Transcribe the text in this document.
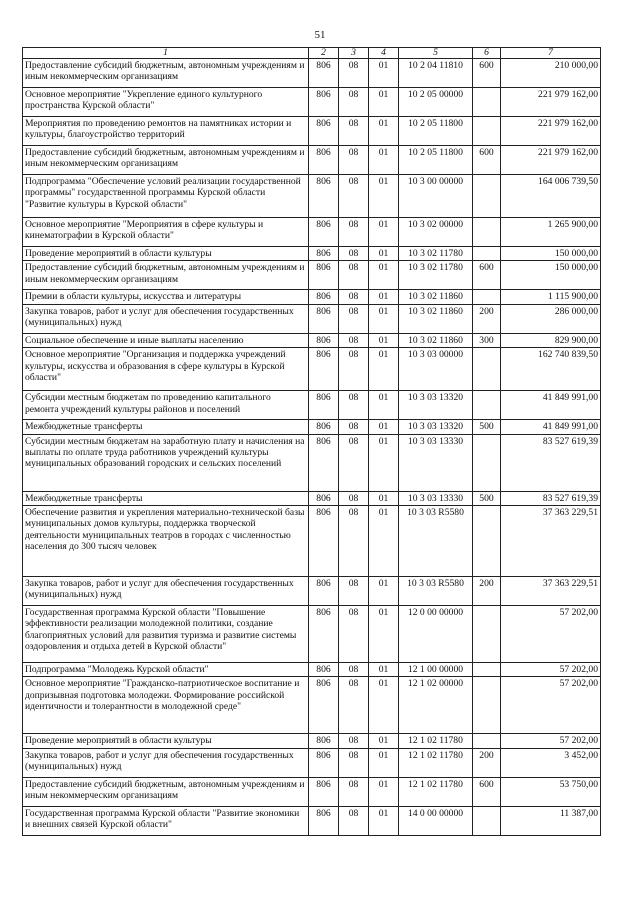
51
1	2	3	4	5	6	7
Предоставление субсидий бюджетным, автономным учреждениям и иным некоммерческим организациям	806	08	01	10 2 04 11810	600	210 000,00
Основное мероприятие "Укрепление единого культурного пространства Курской области"	806	08	01	10 2 05 00000		221 979 162,00
Мероприятия по проведению ремонтов на памятниках истории и культуры, благоустройство территорий	806	08	01	10 2 05 11800		221 979 162,00
Предоставление субсидий бюджетным, автономным учреждениям и иным некоммерческим организациям	806	08	01	10 2 05 11800	600	221 979 162,00
Подпрограмма "Обеспечение условий реализации государственной программы" государственной программы Курской области "Развитие культуры в Курской области"	806	08	01	10 3 00 00000		164 006 739,50
Основное мероприятие "Мероприятия в сфере культуры и кинематографии в Курской области"	806	08	01	10 3 02 00000		1 265 900,00
Проведение мероприятий в области культуры	806	08	01	10 3 02 11780		150 000,00
Предоставление субсидий бюджетным, автономным учреждениям и иным некоммерческим организациям	806	08	01	10 3 02 11780	600	150 000,00
Премии в области культуры, искусства и литературы	806	08	01	10 3 02 11860		1 115 900,00
Закупка товаров, работ и услуг для обеспечения государственных (муниципальных) нужд	806	08	01	10 3 02 11860	200	286 000,00
Социальное обеспечение и иные выплаты населению	806	08	01	10 3 02 11860	300	829 900,00
Основное мероприятие "Организация и поддержка учреждений культуры, искусства и образования в сфере культуры в Курской области"	806	08	01	10 3 03 00000		162 740 839,50
Субсидии местным бюджетам по проведению капитального ремонта учреждений культуры районов и поселений	806	08	01	10 3 03 13320		41 849 991,00
Межбюджетные трансферты	806	08	01	10 3 03 13320	500	41 849 991,00
Субсидии местным бюджетам на заработную плату и начисления на выплаты по оплате труда работников учреждений культуры муниципальных образований городских и сельских поселений	806	08	01	10 3 03 13330		83 527 619,39
Межбюджетные трансферты	806	08	01	10 3 03 13330	500	83 527 619,39
Обеспечение развития и укрепления материально-технической базы муниципальных домов культуры, поддержка творческой деятельности муниципальных театров в городах с численностью населения до 300 тысяч человек	806	08	01	10 3 03 R5580		37 363 229,51
Закупка товаров, работ и услуг для обеспечения государственных (муниципальных) нужд	806	08	01	10 3 03 R5580	200	37 363 229,51
Государственная программа Курской области "Повышение эффективности реализации молодежной политики, создание благоприятных условий для развития туризма и развитие системы оздоровления и отдыха детей в Курской области"	806	08	01	12 0 00 00000		57 202,00
Подпрограмма "Молодежь Курской области"	806	08	01	12 1 00 00000		57 202,00
Основное мероприятие "Гражданско-патриотическое воспитание и допризывная подготовка молодежи. Формирование российской идентичности и толерантности в молодежной среде"	806	08	01	12 1 02 00000		57 202,00
Проведение мероприятий в области культуры	806	08	01	12 1 02 11780		57 202,00
Закупка товаров, работ и услуг для обеспечения государственных (муниципальных) нужд	806	08	01	12 1 02 11780	200	3 452,00
Предоставление субсидий бюджетным, автономным учреждениям и иным некоммерческим организациям	806	08	01	12 1 02 11780	600	53 750,00
Государственная программа Курской области "Развитие экономики и внешних связей Курской области"	806	08	01	14 0 00 00000		11 387,00
